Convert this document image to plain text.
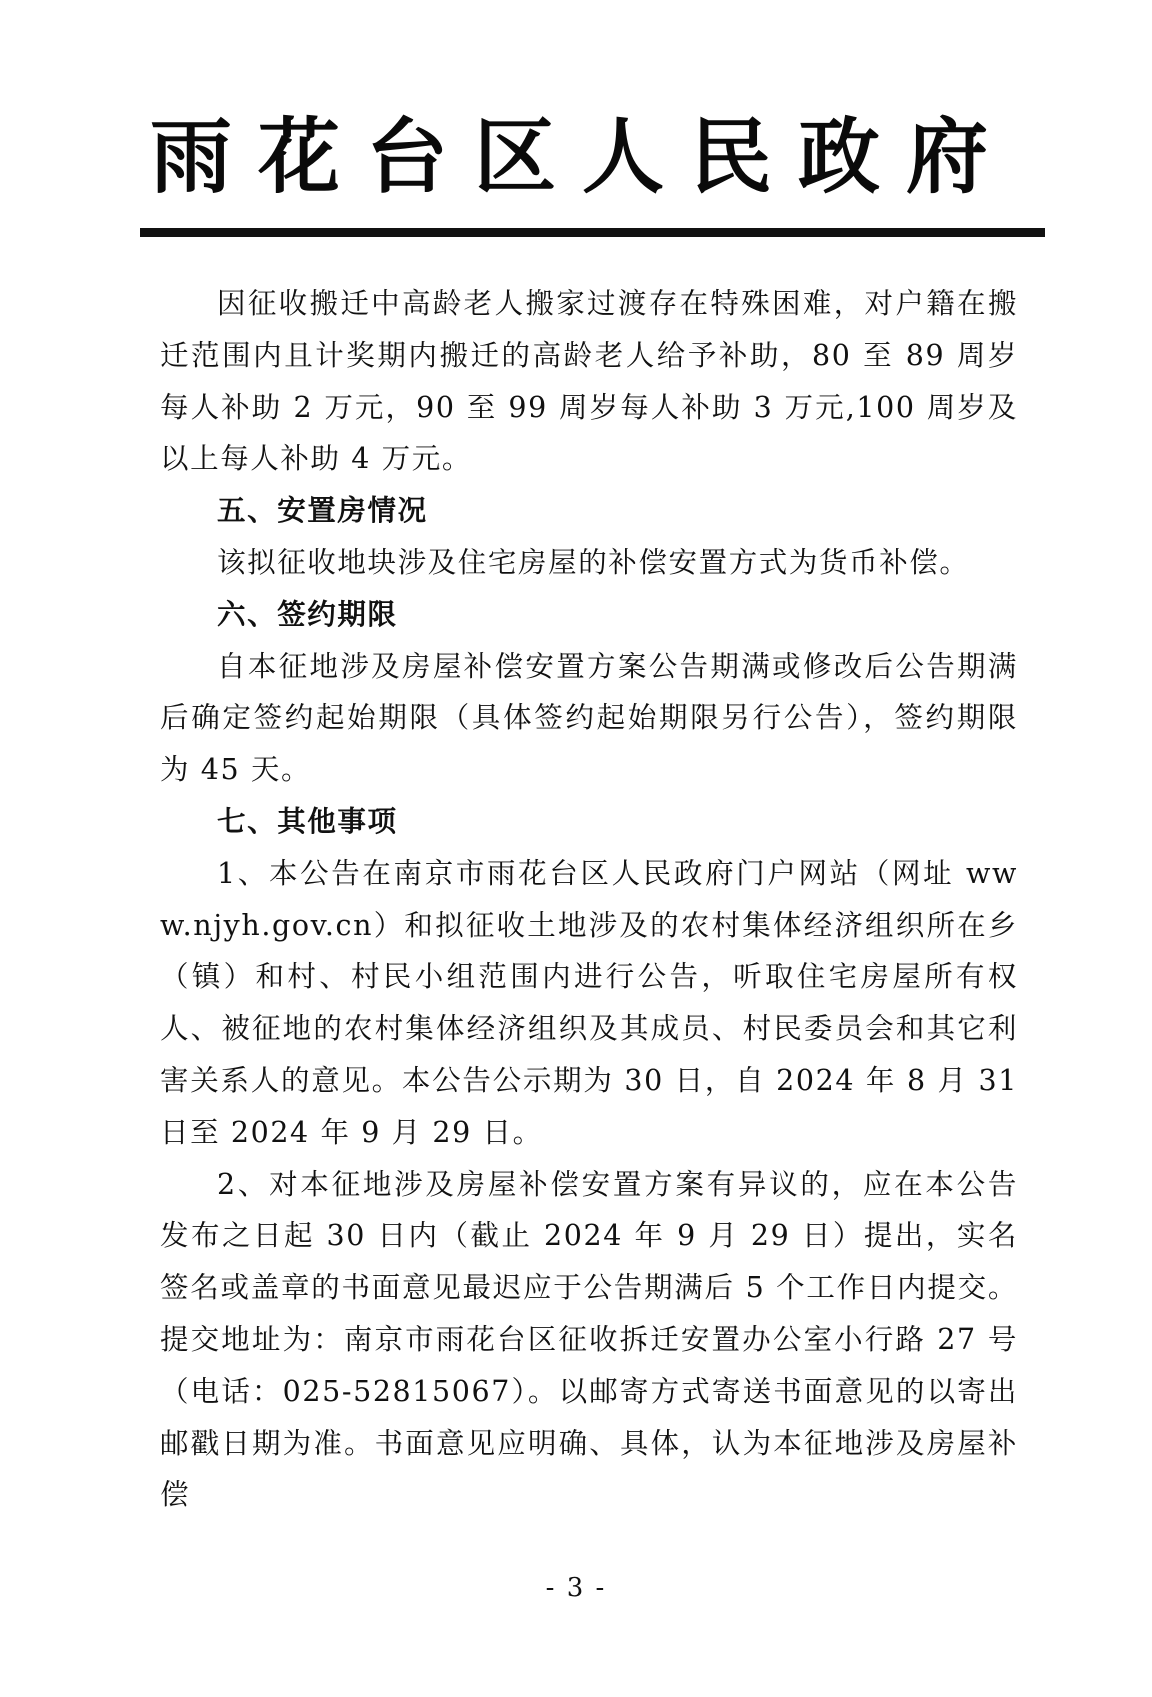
雨花台区人民政府

因征收搬迁中高龄老人搬家过渡存在特殊困难，对户籍在搬迁范围内且计奖期内搬迁的高龄老人给予补助，80 至 89 周岁每人补助 2 万元，90 至 99 周岁每人补助 3 万元,100 周岁及以上每人补助 4 万元。

五、安置房情况

该拟征收地块涉及住宅房屋的补偿安置方式为货币补偿。

六、签约期限

自本征地涉及房屋补偿安置方案公告期满或修改后公告期满后确定签约起始期限（具体签约起始期限另行公告），签约期限为 45 天。

七、其他事项

1、本公告在南京市雨花台区人民政府门户网站（网址 www.njyh.gov.cn）和拟征收土地涉及的农村集体经济组织所在乡（镇）和村、村民小组范围内进行公告，听取住宅房屋所有权人、被征地的农村集体经济组织及其成员、村民委员会和其它利害关系人的意见。本公告公示期为 30 日，自 2024 年 8 月 31 日至 2024 年 9 月 29 日。

2、对本征地涉及房屋补偿安置方案有异议的，应在本公告发布之日起 30 日内（截止 2024 年 9 月 29 日）提出，实名签名或盖章的书面意见最迟应于公告期满后 5 个工作日内提交。提交地址为：南京市雨花台区征收拆迁安置办公室小行路 27 号（电话：025-52815067）。以邮寄方式寄送书面意见的以寄出邮戳日期为准。书面意见应明确、具体，认为本征地涉及房屋补偿

- 3 -
